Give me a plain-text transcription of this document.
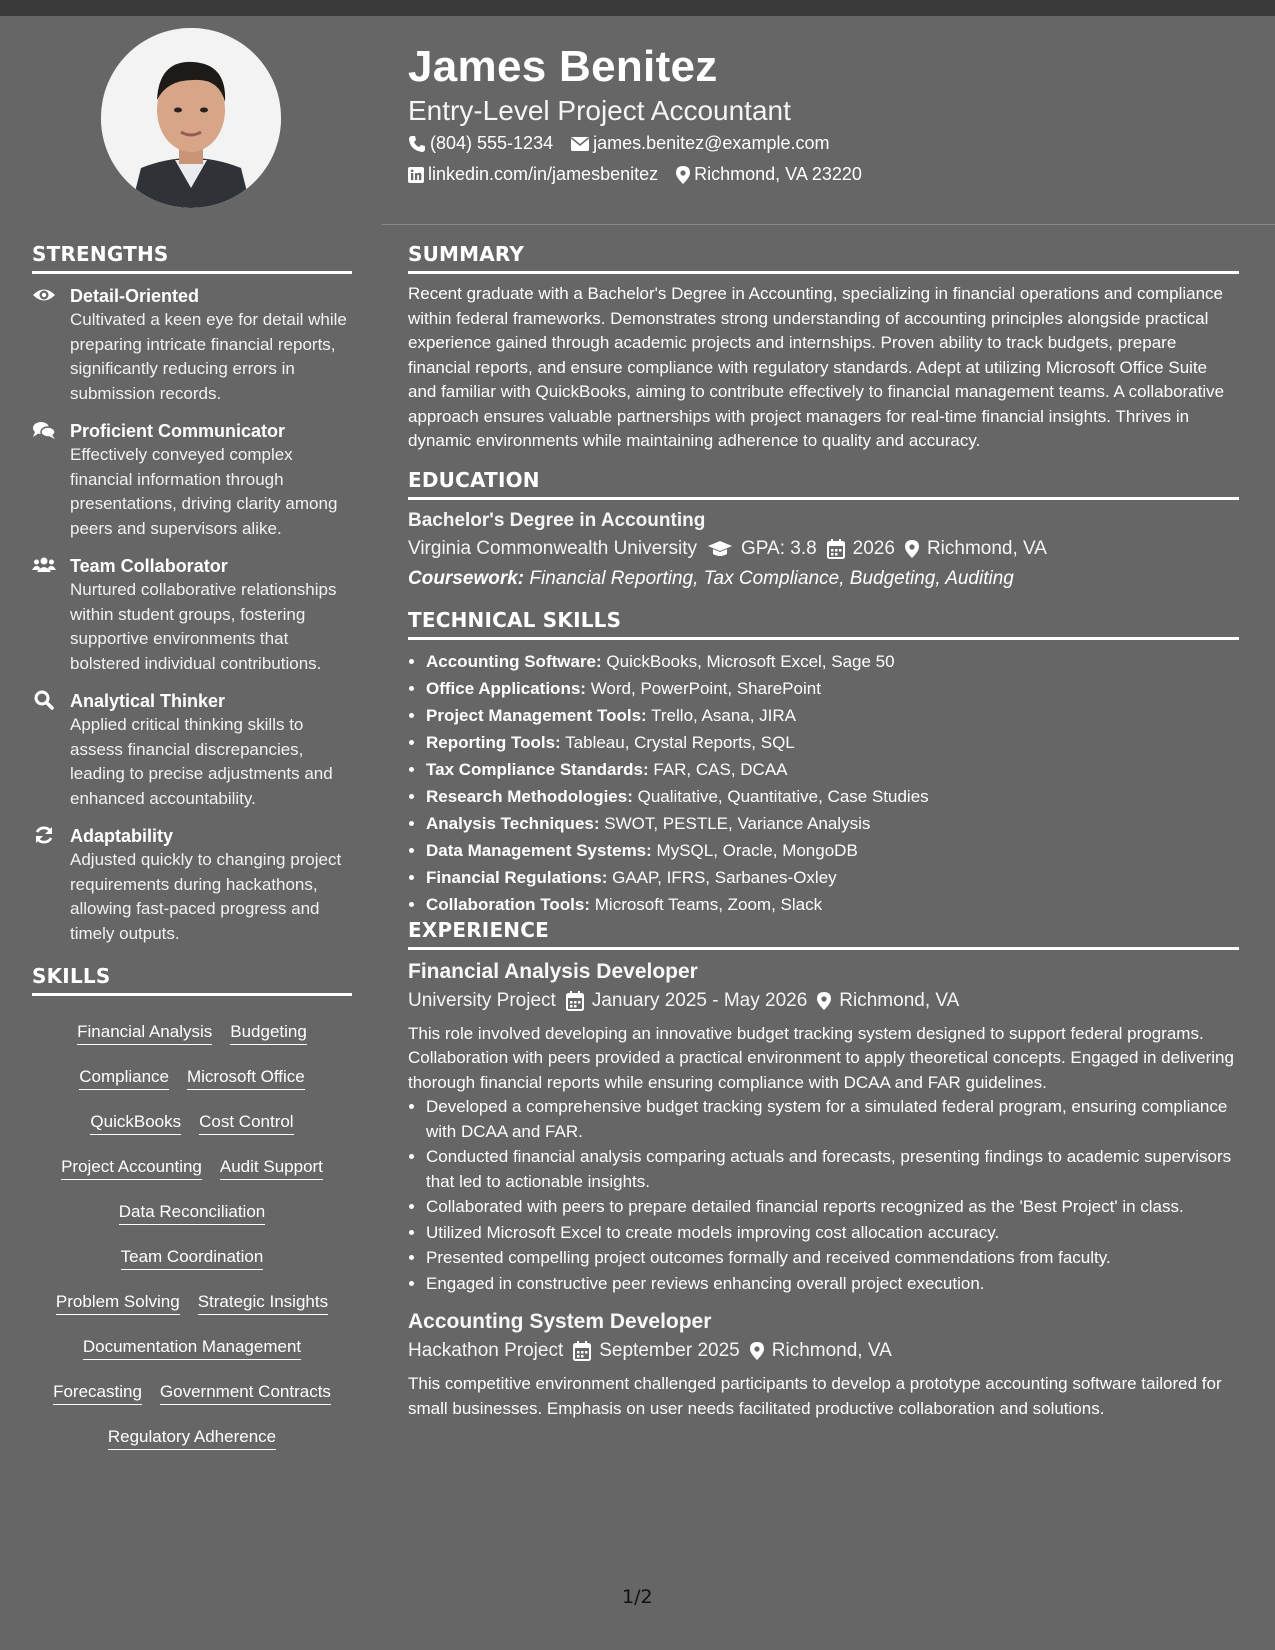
STRENGTHS
Detail-Oriented
Cultivated a keen eye for detail while preparing intricate financial reports, significantly reducing errors in submission records.
Proficient Communicator
Effectively conveyed complex financial information through presentations, driving clarity among peers and supervisors alike.
Team Collaborator
Nurtured collaborative relationships within student groups, fostering supportive environments that bolstered individual contributions.
Analytical Thinker
Applied critical thinking skills to assess financial discrepancies, leading to precise adjustments and enhanced accountability.
Adaptability
Adjusted quickly to changing project requirements during hackathons, allowing fast-paced progress and timely outputs.
SKILLS
Financial Analysis Budgeting
Compliance Microsoft Office
QuickBooks Cost Control
Project Accounting Audit Support
Data Reconciliation
Team Coordination
Problem Solving Strategic Insights
Documentation Management
Forecasting Government Contracts
Regulatory Adherence
James Benitez
Entry-Level Project Accountant
(804) 555-1234 james.benitez@example.com
linkedin.com/in/jamesbenitez Richmond, VA 23220
SUMMARY

Recent graduate with a Bachelor's Degree in Accounting, specializing in financial operations and compliance within federal frameworks. Demonstrates strong understanding of accounting principles alongside practical experience gained through academic projects and internships. Proven ability to track budgets, prepare financial reports, and ensure compliance with regulatory standards. Adept at utilizing Microsoft Office Suite and familiar with QuickBooks, aiming to contribute effectively to financial management teams. A collaborative approach ensures valuable partnerships with project managers for real-time financial insights. Thrives in dynamic environments while maintaining adherence to quality and accuracy.

EDUCATION
Bachelor's Degree in Accounting
Virginia Commonwealth University GPA: 3.8 2026 Richmond, VA
Coursework: Financial Reporting, Tax Compliance, Budgeting, Auditing
TECHNICAL SKILLS
• Accounting Software: QuickBooks, Microsoft Excel, Sage 50
• Office Applications: Word, PowerPoint, SharePoint
• Project Management Tools: Trello, Asana, JIRA
• Reporting Tools: Tableau, Crystal Reports, SQL
• Tax Compliance Standards: FAR, CAS, DCAA
• Research Methodologies: Qualitative, Quantitative, Case Studies
• Analysis Techniques: SWOT, PESTLE, Variance Analysis
• Data Management Systems: MySQL, Oracle, MongoDB
• Financial Regulations: GAAP, IFRS, Sarbanes-Oxley
• Collaboration Tools: Microsoft Teams, Zoom, Slack
EXPERIENCE
Financial Analysis Developer
University Project January 2025 - May 2026 Richmond, VA
This role involved developing an innovative budget tracking system designed to support federal programs. Collaboration with peers provided a practical environment to apply theoretical concepts. Engaged in delivering thorough financial reports while ensuring compliance with DCAA and FAR guidelines.
• Developed a comprehensive budget tracking system for a simulated federal program, ensuring compliance with DCAA and FAR.
• Conducted financial analysis comparing actuals and forecasts, presenting findings to academic supervisors that led to actionable insights.
• Collaborated with peers to prepare detailed financial reports recognized as the 'Best Project' in class.
• Utilized Microsoft Excel to create models improving cost allocation accuracy.
• Presented compelling project outcomes formally and received commendations from faculty.
• Engaged in constructive peer reviews enhancing overall project execution.
Accounting System Developer
Hackathon Project September 2025 Richmond, VA
This competitive environment challenged participants to develop a prototype accounting software tailored for small businesses. Emphasis on user needs facilitated productive collaboration and solutions.
1/2
